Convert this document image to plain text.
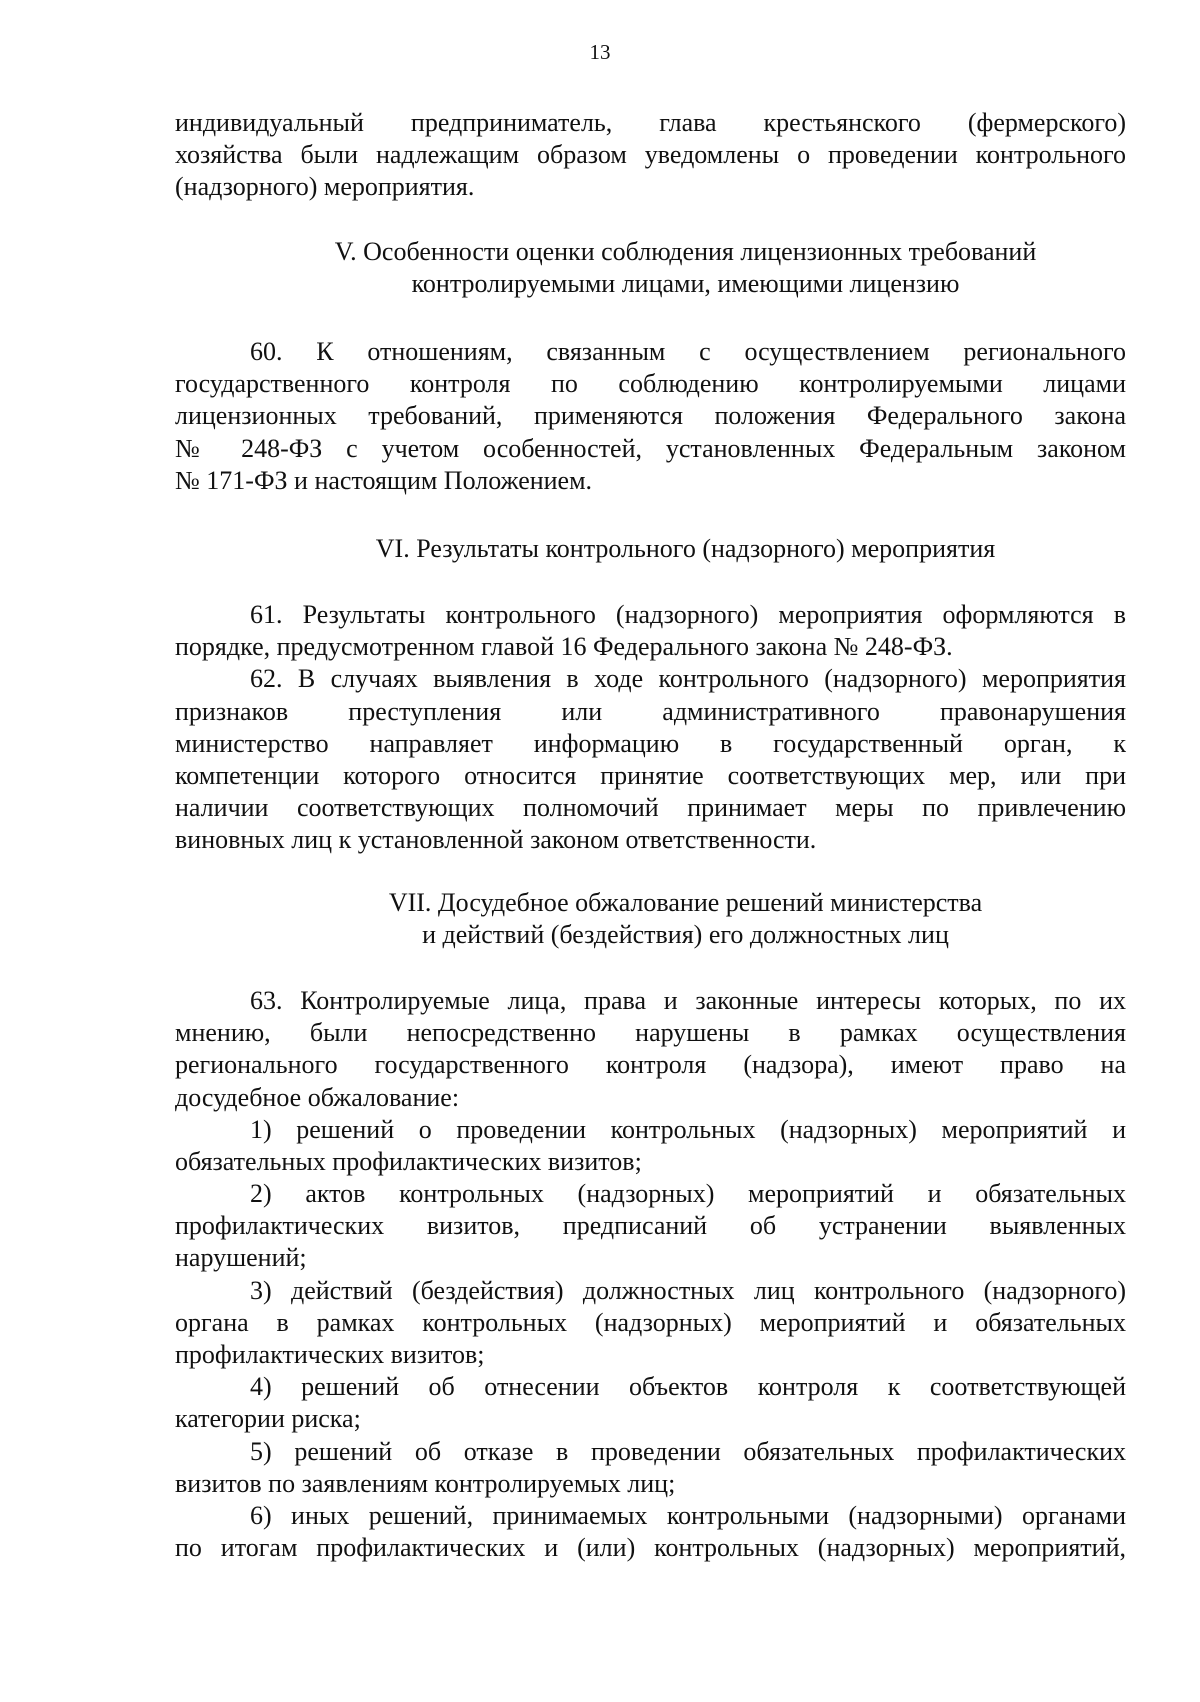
13
индивидуальный предприниматель, глава крестьянского (фермерского)
хозяйства были надлежащим образом уведомлены о проведении контрольного
(надзорного) мероприятия.
V. Особенности оценки соблюдения лицензионных требований
контролируемыми лицами, имеющими лицензию
60. К отношениям, связанным с осуществлением регионального
государственного контроля по соблюдению контролируемыми лицами
лицензионных требований, применяются положения Федерального закона
№ 248-ФЗ с учетом особенностей, установленных Федеральным законом
№ 171-ФЗ и настоящим Положением.
VI. Результаты контрольного (надзорного) мероприятия
61. Результаты контрольного (надзорного) мероприятия оформляются в
порядке, предусмотренном главой 16 Федерального закона № 248-ФЗ.
62. В случаях выявления в ходе контрольного (надзорного) мероприятия
признаков преступления или административного правонарушения
министерство направляет информацию в государственный орган, к
компетенции которого относится принятие соответствующих мер, или при
наличии соответствующих полномочий принимает меры по привлечению
виновных лиц к установленной законом ответственности.
VII. Досудебное обжалование решений министерства
и действий (бездействия) его должностных лиц
63. Контролируемые лица, права и законные интересы которых, по их
мнению, были непосредственно нарушены в рамках осуществления
регионального государственного контроля (надзора), имеют право на
досудебное обжалование:
1) решений о проведении контрольных (надзорных) мероприятий и
обязательных профилактических визитов;
2) актов контрольных (надзорных) мероприятий и обязательных
профилактических визитов, предписаний об устранении выявленных
нарушений;
3) действий (бездействия) должностных лиц контрольного (надзорного)
органа в рамках контрольных (надзорных) мероприятий и обязательных
профилактических визитов;
4) решений об отнесении объектов контроля к соответствующей
категории риска;
5) решений об отказе в проведении обязательных профилактических
визитов по заявлениям контролируемых лиц;
6) иных решений, принимаемых контрольными (надзорными) органами
по итогам профилактических и (или) контрольных (надзорных) мероприятий,
